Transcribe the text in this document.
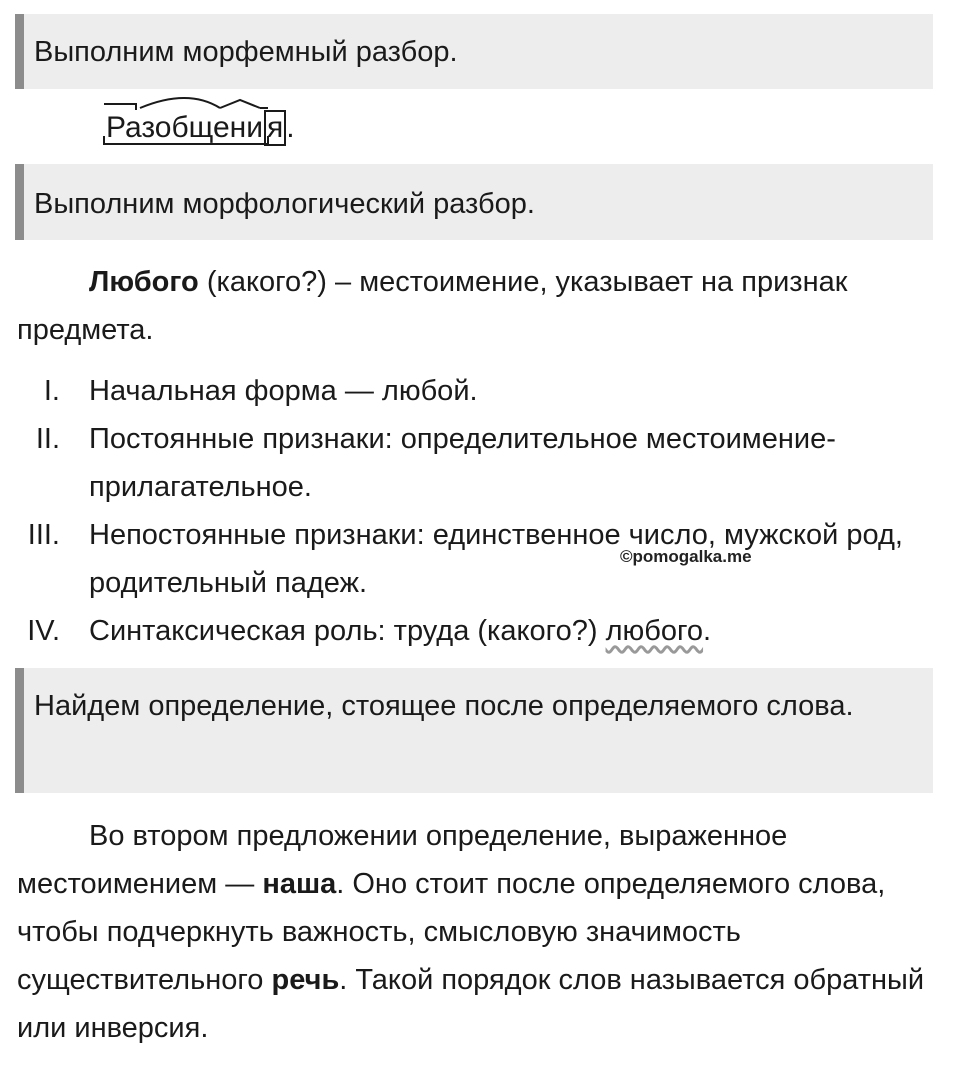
Выполним морфемный разбор.
Разобщени я .
Выполним морфологический разбор.
Любого (какого?) – местоимение, указывает на признак предмета.
I. Начальная форма — любой.
II. Постоянные признаки: определительное местоимение-прилагательное.
III. Непостоянные признаки: единственное число, мужской род, родительный падеж.
IV. Синтаксическая роль: труда (какого?) любого.
©pomogalka.me
Найдем определение, стоящее после определяемого слова.
Во втором предложении определение, выраженное местоимением — наша. Оно стоит после определяемого слова, чтобы подчеркнуть важность, смысловую значимость существительного речь. Такой порядок слов называется обратный или инверсия.
